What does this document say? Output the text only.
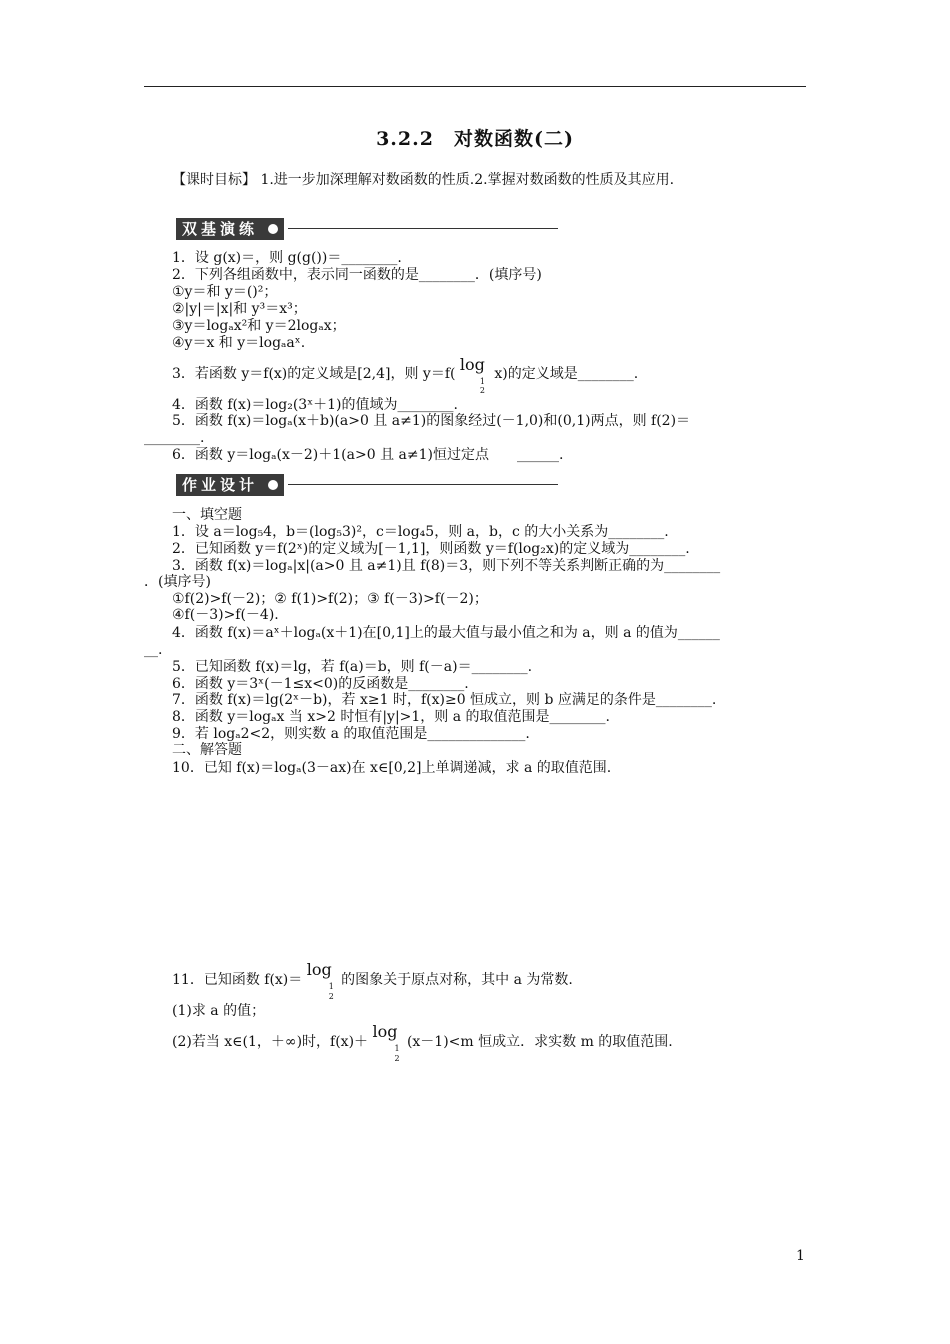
3.2.2　对数函数(二)
【课时目标】 1.进一步加深理解对数函数的性质.2.掌握对数函数的性质及其应用.
双基演练
1．设 g(x)＝，则 g(g())＝________.
2．下列各组函数中，表示同一函数的是________．(填序号)
①y＝和 y＝()²；
②|y|＝|x|和 y³＝x³；
③y＝logₐx²和 y＝2logₐx；
④y＝x 和 y＝logₐaˣ.
3．若函数 y＝f(x)的定义域是[2,4]，则 y＝f( log
1
2
x)的定义域是________.
4．函数 f(x)＝log₂(3ˣ＋1)的值域为________.
5．函数 f(x)＝logₐ(x＋b)(a>0 且 a≠1)的图象经过(－1,0)和(0,1)两点，则 f(2)＝
________.
6．函数 y＝logₐ(x－2)＋1(a>0 且 a≠1)恒过定点　　______.
作业设计
一、填空题
1．设 a＝log₅4，b＝(log₅3)²，c＝log₄5，则 a，b，c 的大小关系为________.
2．已知函数 y＝f(2ˣ)的定义域为[－1,1]，则函数 y＝f(log₂x)的定义域为________.
3．函数 f(x)＝logₐ|x|(a>0 且 a≠1)且 f(8)＝3，则下列不等关系判断正确的为________
．(填序号)
①f(2)>f(－2)；② f(1)>f(2)；③ f(－3)>f(－2)；
④f(－3)>f(－4).
4．函数 f(x)＝aˣ＋logₐ(x＋1)在[0,1]上的最大值与最小值之和为 a，则 a 的值为______
__.
5．已知函数 f(x)＝lg，若 f(a)＝b，则 f(－a)＝________.
6．函数 y＝3ˣ(－1≤x<0)的反函数是________.
7．函数 f(x)＝lg(2ˣ－b)，若 x≥1 时，f(x)≥0 恒成立，则 b 应满足的条件是________.
8．函数 y＝logₐx 当 x>2 时恒有|y|>1，则 a 的取值范围是________.
9．若 logₐ2<2，则实数 a 的取值范围是______________.
二、解答题
10．已知 f(x)＝logₐ(3－ax)在 x∈[0,2]上单调递减，求 a 的取值范围.
11．已知函数 f(x)＝
log
1
2
的图象关于原点对称，其中 a 为常数.
(1)求 a 的值；
(2)若当 x∈(1，＋∞)时，f(x)＋
log
1
2
(x－1)<m 恒成立．求实数 m 的取值范围.
1
